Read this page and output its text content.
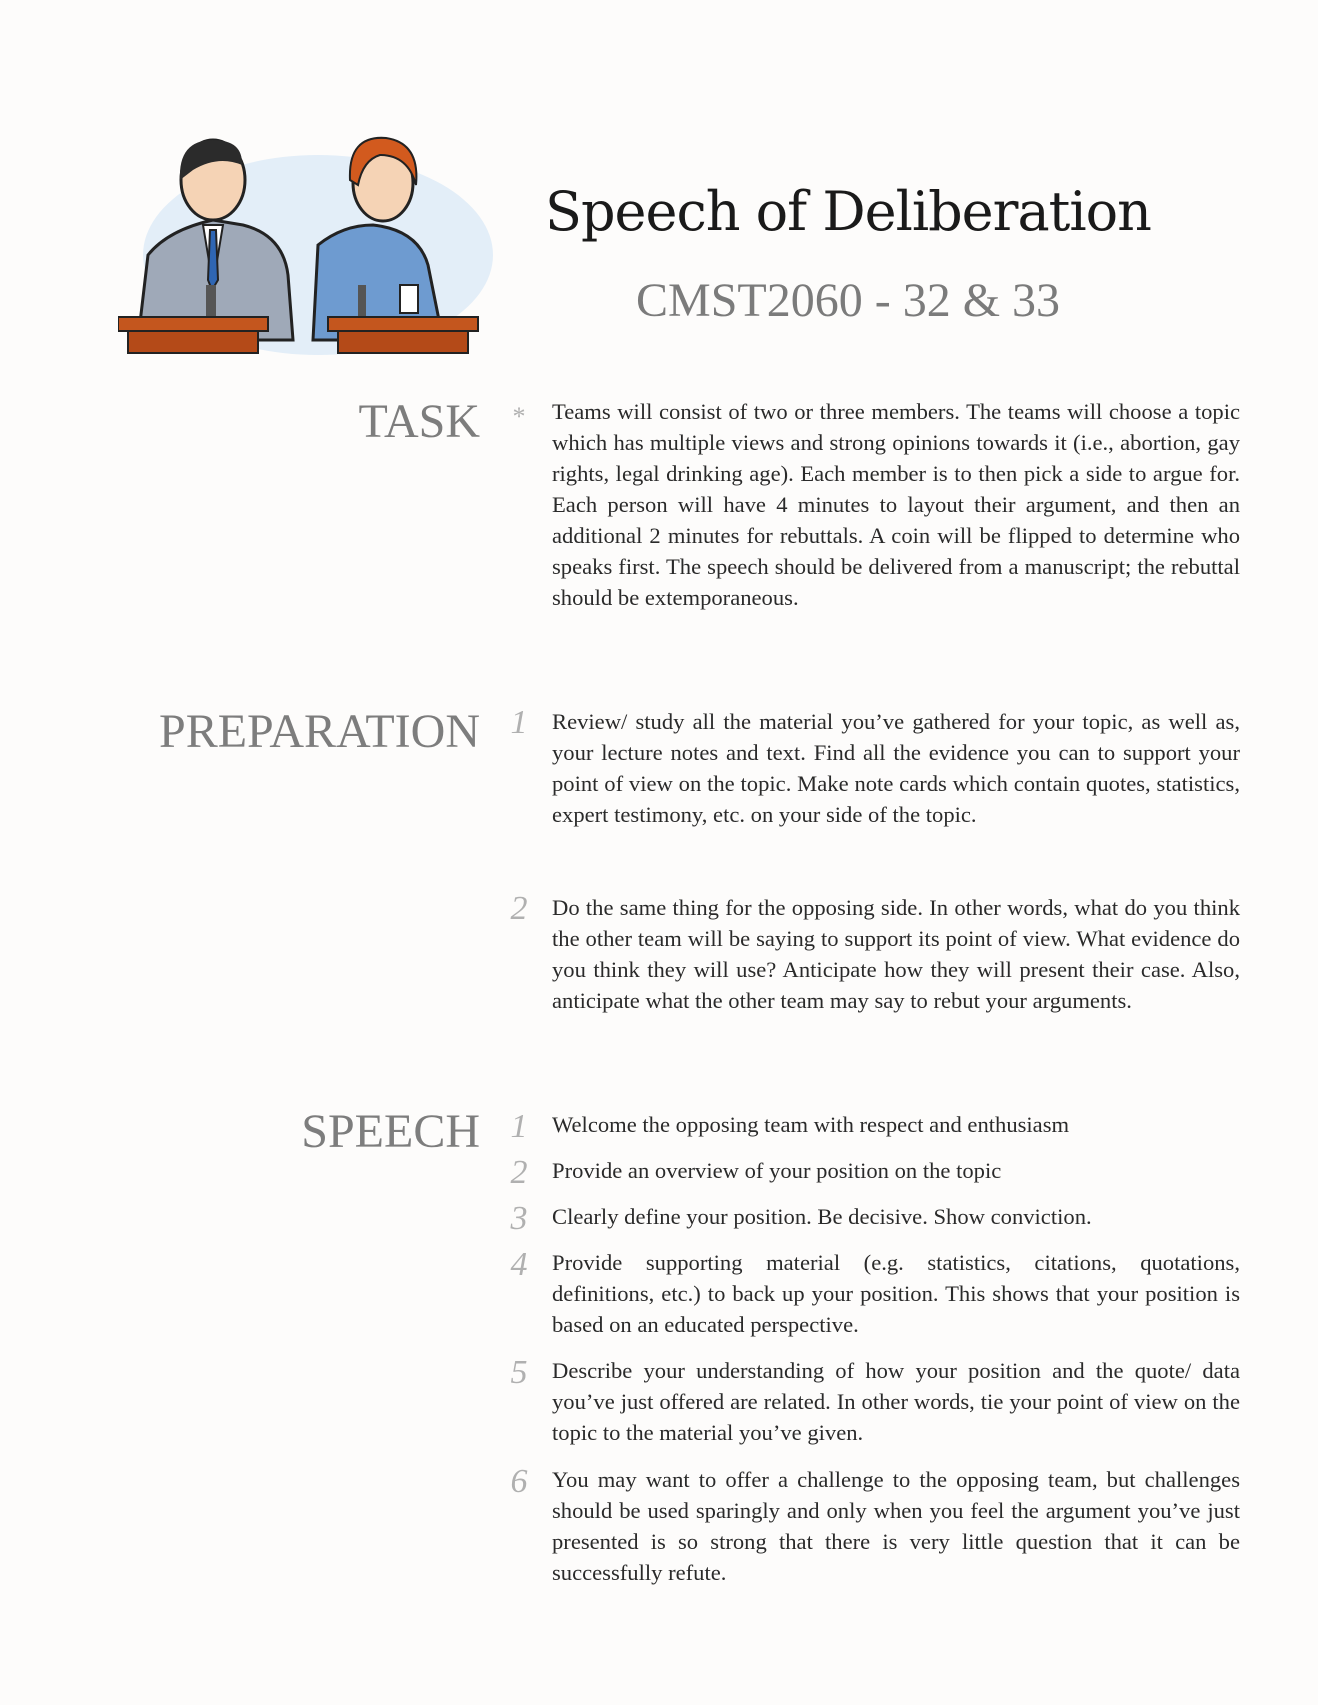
Speech of Deliberation
CMST2060 - 32 & 33
TASK *	Teams will consist of two or three members. The teams will choose a topic which has multiple views and strong opinions towards it (i.e., abortion, gay rights, legal drinking age). Each member is to then pick a side to argue for. Each person will have 4 minutes to layout their argument, and then an additional 2 minutes for rebuttals. A coin will be flipped to determine who speaks first. The speech should be delivered from a manuscript; the rebuttal should be extemporaneous.
PREPARATION 1 Review/ study all the material you’ve gathered for your topic, as well as, your lecture notes and text. Find all the evidence you can to support your point of view on the topic. Make note cards which contain quotes, statistics, expert testimony, etc. on your side of the topic.
2 Do the same thing for the opposing side. In other words, what do you think the other team will be saying to support its point of view. What evidence do you think they will use? Anticipate how they will present their case. Also, anticipate what the other team may say to rebut your arguments.
SPEECH 1 Welcome the opposing team with respect and enthusiasm
2 Provide an overview of your position on the topic
3 Clearly define your position. Be decisive. Show conviction.
4 Provide supporting material (e.g. statistics, citations, quotations, definitions, etc.) to back up your position. This shows that your position is based on an educated perspective.
5 Describe your understanding of how your position and the quote/ data you’ve just offered are related. In other words, tie your point of view on the topic to the material you’ve given.
6 You may want to offer a challenge to the opposing team, but challenges should be used sparingly and only when you feel the argument you’ve just presented is so strong that there is very little question that it can be successfully refute.
